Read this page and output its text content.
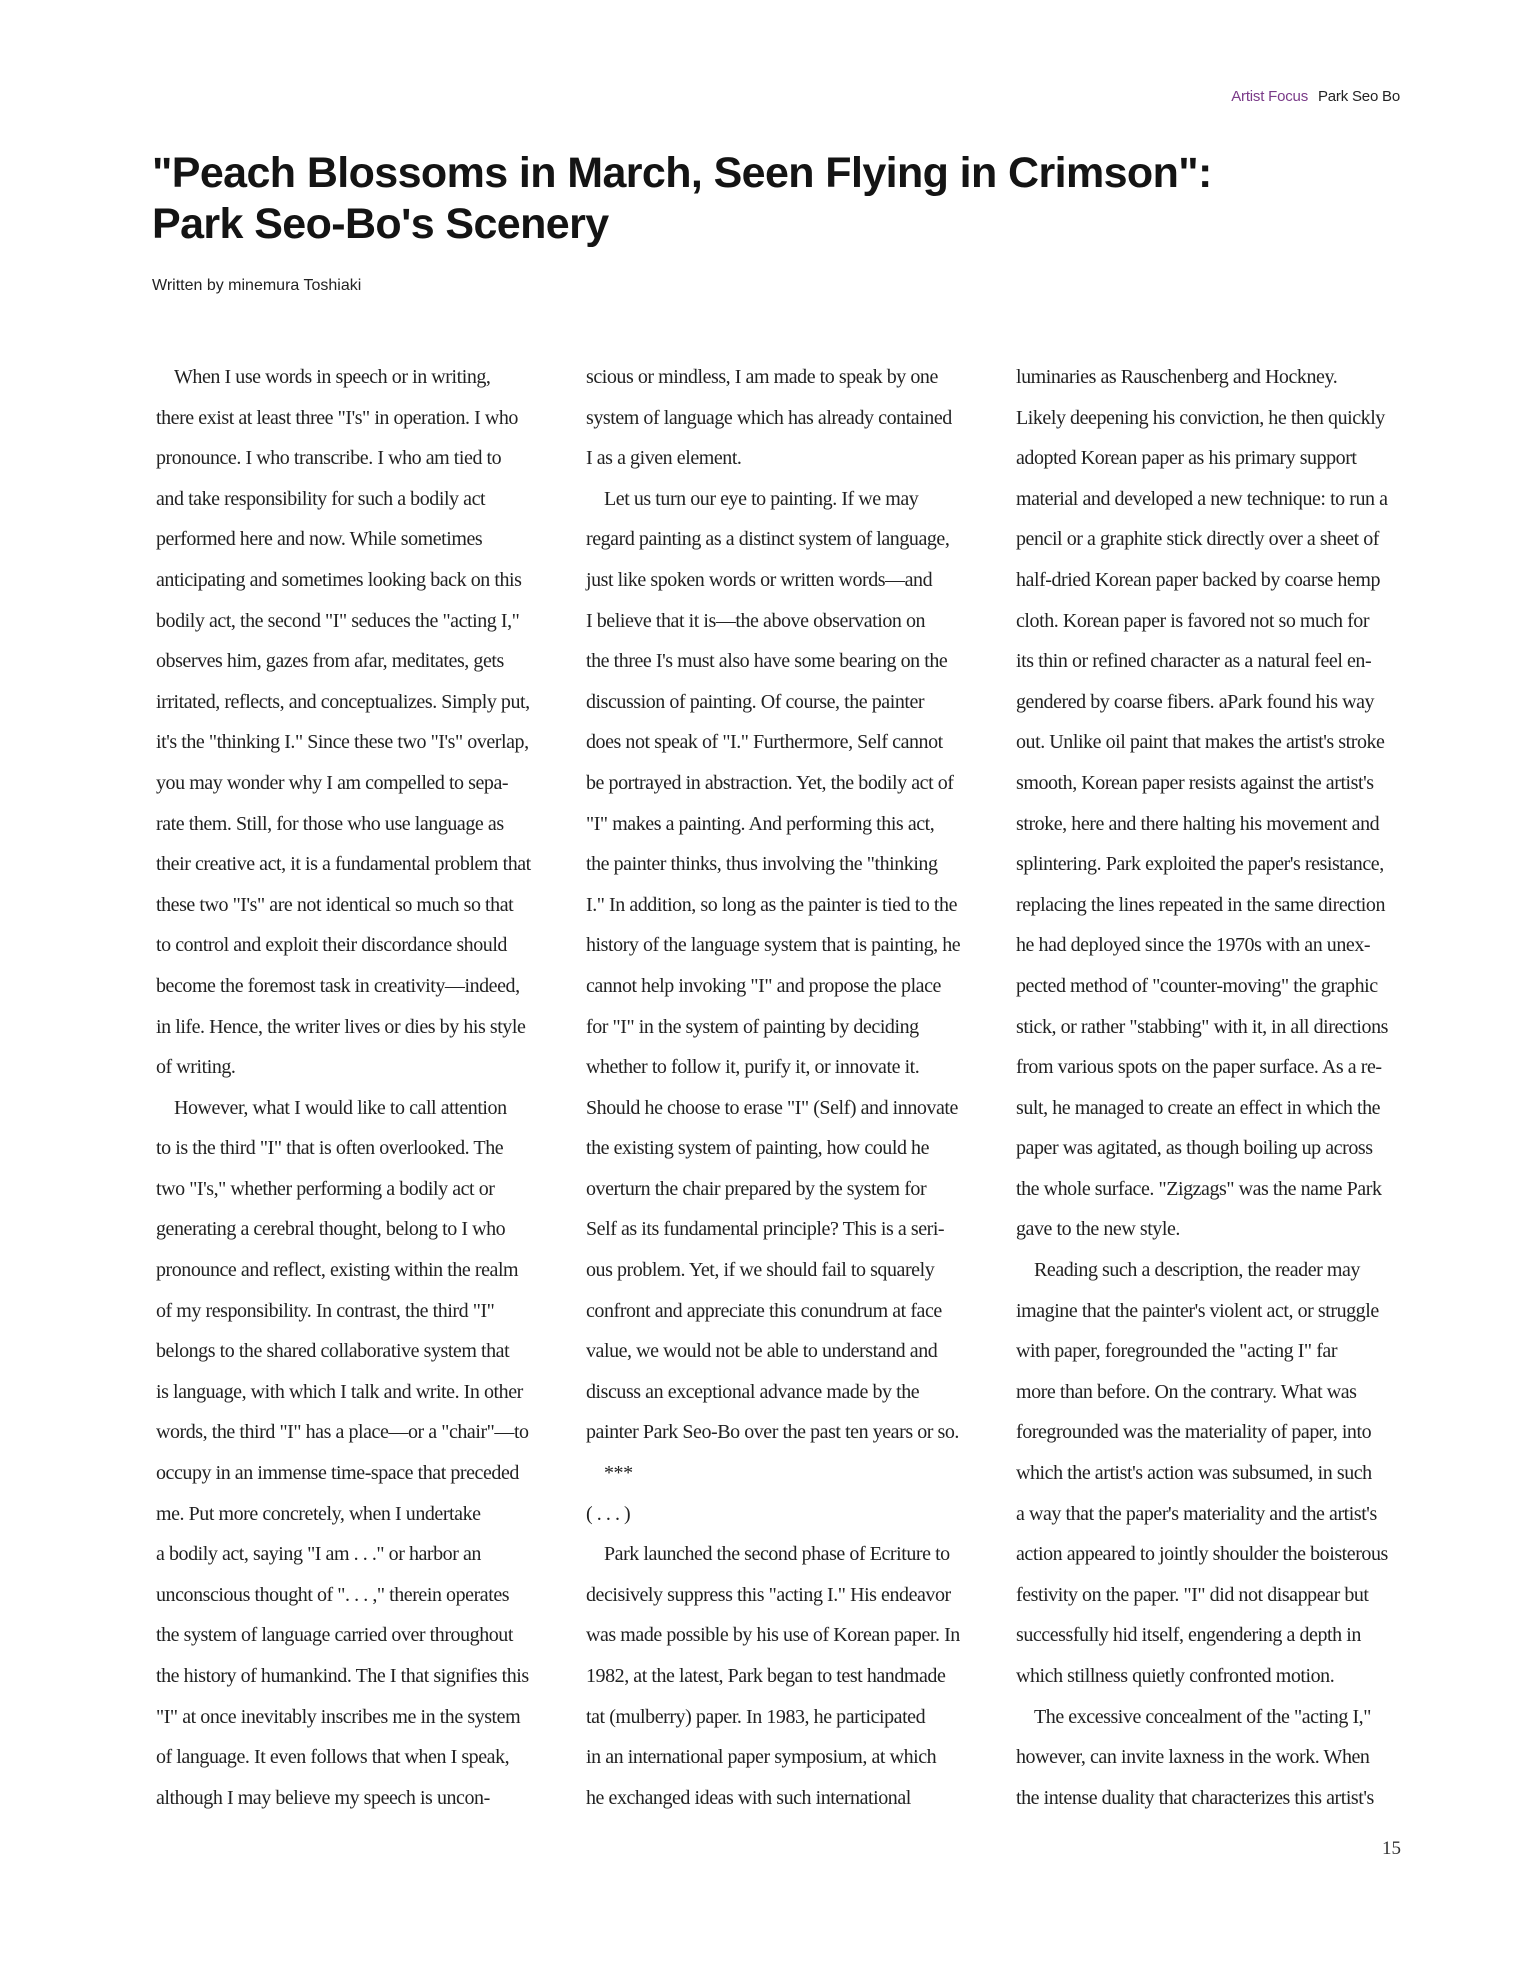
Artist Focus Park Seo Bo
"Peach Blossoms in March, Seen Flying in Crimson":
Park Seo-Bo's Scenery
Written by minemura Toshiaki
When I use words in speech or in writing,
there exist at least three "I's" in operation. I who
pronounce. I who transcribe. I who am tied to
and take responsibility for such a bodily act
performed here and now. While sometimes
anticipating and sometimes looking back on this
bodily act, the second "I" seduces the "acting I,"
observes him, gazes from afar, meditates, gets
irritated, reflects, and conceptualizes. Simply put,
it's the "thinking I." Since these two "I's" overlap,
you may wonder why I am compelled to sepa-
rate them. Still, for those who use language as
their creative act, it is a fundamental problem that
these two "I's" are not identical so much so that
to control and exploit their discordance should
become the foremost task in creativity—indeed,
in life. Hence, the writer lives or dies by his style
of writing.
However, what I would like to call attention
to is the third "I" that is often overlooked. The
two "I's," whether performing a bodily act or
generating a cerebral thought, belong to I who
pronounce and reflect, existing within the realm
of my responsibility. In contrast, the third "I"
belongs to the shared collaborative system that
is language, with which I talk and write. In other
words, the third "I" has a place—or a "chair"—to
occupy in an immense time-space that preceded
me. Put more concretely, when I undertake
a bodily act, saying "I am . . ." or harbor an
unconscious thought of ". . . ," therein operates
the system of language carried over throughout
the history of humankind. The I that signifies this
"I" at once inevitably inscribes me in the system
of language. It even follows that when I speak,
although I may believe my speech is uncon-
scious or mindless, I am made to speak by one
system of language which has already contained
I as a given element.
Let us turn our eye to painting. If we may
regard painting as a distinct system of language,
just like spoken words or written words—and
I believe that it is—the above observation on
the three I's must also have some bearing on the
discussion of painting. Of course, the painter
does not speak of "I." Furthermore, Self cannot
be portrayed in abstraction. Yet, the bodily act of
"I" makes a painting. And performing this act,
the painter thinks, thus involving the "thinking
I." In addition, so long as the painter is tied to the
history of the language system that is painting, he
cannot help invoking "I" and propose the place
for "I" in the system of painting by deciding
whether to follow it, purify it, or innovate it.
Should he choose to erase "I" (Self) and innovate
the existing system of painting, how could he
overturn the chair prepared by the system for
Self as its fundamental principle? This is a seri-
ous problem. Yet, if we should fail to squarely
confront and appreciate this conundrum at face
value, we would not be able to understand and
discuss an exceptional advance made by the
painter Park Seo-Bo over the past ten years or so.
***
( . . . )
Park launched the second phase of Ecriture to
decisively suppress this "acting I." His endeavor
was made possible by his use of Korean paper. In
1982, at the latest, Park began to test handmade
tat (mulberry) paper. In 1983, he participated
in an international paper symposium, at which
he exchanged ideas with such international
luminaries as Rauschenberg and Hockney.
Likely deepening his conviction, he then quickly
adopted Korean paper as his primary support
material and developed a new technique: to run a
pencil or a graphite stick directly over a sheet of
half-dried Korean paper backed by coarse hemp
cloth. Korean paper is favored not so much for
its thin or refined character as a natural feel en-
gendered by coarse fibers. aPark found his way
out. Unlike oil paint that makes the artist's stroke
smooth, Korean paper resists against the artist's
stroke, here and there halting his movement and
splintering. Park exploited the paper's resistance,
replacing the lines repeated in the same direction
he had deployed since the 1970s with an unex-
pected method of "counter-moving" the graphic
stick, or rather "stabbing" with it, in all directions
from various spots on the paper surface. As a re-
sult, he managed to create an effect in which the
paper was agitated, as though boiling up across
the whole surface. "Zigzags" was the name Park
gave to the new style.
Reading such a description, the reader may
imagine that the painter's violent act, or struggle
with paper, foregrounded the "acting I" far
more than before. On the contrary. What was
foregrounded was the materiality of paper, into
which the artist's action was subsumed, in such
a way that the paper's materiality and the artist's
action appeared to jointly shoulder the boisterous
festivity on the paper. "I" did not disappear but
successfully hid itself, engendering a depth in
which stillness quietly confronted motion.
The excessive concealment of the "acting I,"
however, can invite laxness in the work. When
the intense duality that characterizes this artist's
15
